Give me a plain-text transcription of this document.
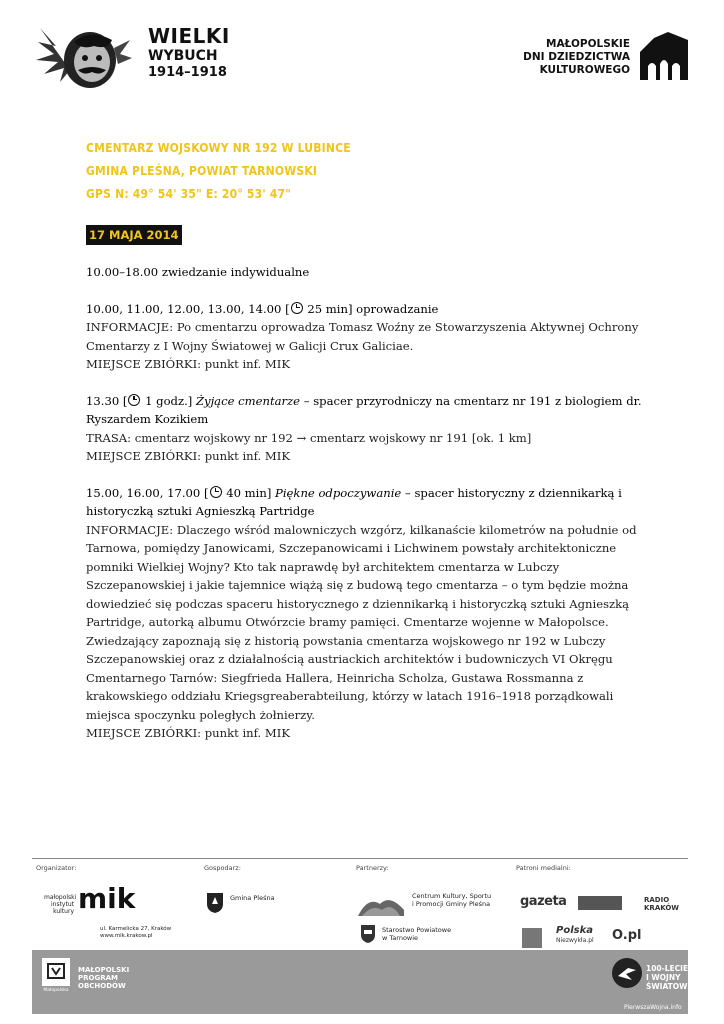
WIELKI
WYBUCH
1914–1918
MAŁOPOLSKIE
DNI DZIEDZICTWA
KULTUROWEGO
CMENTARZ WOJSKOWY NR 192 W LUBINCE
GMINA PLEŚNA, POWIAT TARNOWSKI
GPS N: 49° 54' 35" E: 20° 53' 47"
17 MAJA 2014

10.00–18.00 zwiedzanie indywidualne

10.00, 11.00, 12.00, 13.00, 14.00 [ 25 min] oprowadzanie

INFORMACJE: Po cmentarzu oprowadza Tomasz Woźny ze Stowarzyszenia Aktywnej Ochrony Cmentarzy z I Wojny Światowej w Galicji Crux Galiciae.

MIEJSCE ZBIÓRKI: punkt inf. MIK

13.30 [ 1 godz.] Żyjące cmentarze – spacer przyrodniczy na cmentarz nr 191 z biologiem dr. Ryszardem Kozikiem

TRASA: cmentarz wojskowy nr 192 → cmentarz wojskowy nr 191 [ok. 1 km]

MIEJSCE ZBIÓRKI: punkt inf. MIK

15.00, 16.00, 17.00 [ 40 min] Piękne odpoczywanie – spacer historyczny z dziennikarką i historyczką sztuki Agnieszką Partridge

INFORMACJE: Dlaczego wśród malowniczych wzgórz, kilkanaście kilometrów na południe od Tarnowa, pomiędzy Janowicami, Szczepanowicami i Lichwinem powstały architektoniczne pomniki Wielkiej Wojny? Kto tak naprawdę był architektem cmentarza w Lubczy Szczepanowskiej i jakie tajemnice wiążą się z budową tego cmentarza – o tym będzie można dowiedzieć się podczas spaceru historycznego z dziennikarką i historyczką sztuki Agnieszką Partridge, autorką albumu Otwórzcie bramy pamięci. Cmentarze wojenne w Małopolsce. Zwiedzający zapoznają się z historią powstania cmentarza wojskowego nr 192 w Lubczy Szczepanowskiej oraz z działalnością austriackich architektów i budowniczych VI Okręgu Cmentarnego Tarnów: Siegfrieda Hallera, Heinricha Scholza, Gustawa Rossmanna z krakowskiego oddziału Kriegsgreaberabteilung, którzy w latach 1916–1918 porządkowali miejsca spoczynku poległych żołnierzy.

MIEJSCE ZBIÓRKI: punkt inf. MIK

Organizator:	Gospodarz:	Partnerzy:	Patroni medialni:
małopolski
instytut
kultury mik
ul. Karmelicka 27, Kraków
www.mik.krakow.pl
Gmina Pleśna	Centrum Kultury, Sportu
i Promocji Gminy Pleśna
Starostwo Powiatowe
w Tarnowie
gazeta	RADIO
KRAKÓW
Polska
Niezwykła.pl O.pl
Małopolska
MAŁOPOLSKI
PROGRAM
OBCHODÓW
100-LECIE
I WOJNY
ŚWIATOWEJ
PierwszaWojna.info
